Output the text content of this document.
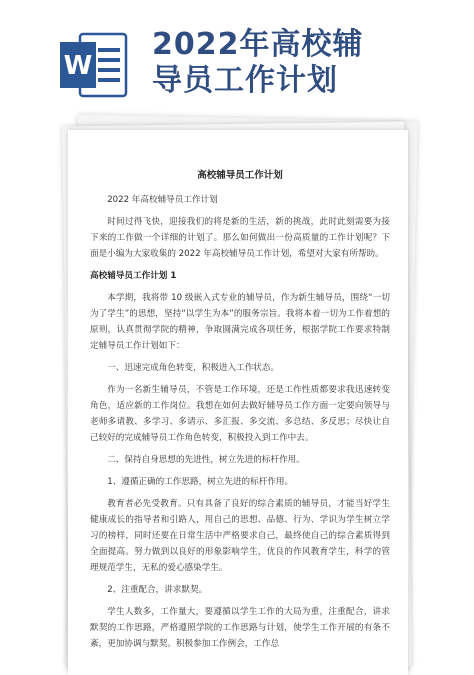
W
2022年高校辅
导员工作计划
高校辅导员工作计划

2022 年高校辅导员工作计划

时间过得飞快，迎接我们的将是新的生活，新的挑战，此时此刻需要为接下来的工作做一个详细的计划了。那么如何做出一份高质量的工作计划呢？下面是小编为大家收集的 2022 年高校辅导员工作计划，希望对大家有所帮助。

高校辅导员工作计划 1

本学期，我将带 10 级嵌入式专业的辅导员，作为新生辅导员，围绕“一切为了学生”的思想，坚持“以学生为本”的服务宗旨。我将本着一切为工作着想的原则，认真贯彻学院的精神，争取圆满完成各项任务，根据学院工作要求特制定辅导员工作计划如下：

一、迅速完成角色转变，积极进入工作状态。

作为一名新生辅导员，不管是工作环境，还是工作性质都要求我迅速转变角色，适应新的工作岗位。我想在如何去做好辅导员工作方面一定要向领导与老师多请教、多学习、多请示、多汇报、多交流、多总结、多反思；尽快让自己较好的完成辅导员工作角色转变，积极投入到工作中去。

二、保持自身思想的先进性，树立先进的标杆作用。

1、遵循正确的工作思路，树立先进的标杆作用。

教育者必先受教育。只有具备了良好的综合素质的辅导员，才能当好学生健康成长的指导者和引路人，用自己的思想、品德、行为、学识为学生树立学习的榜样，同时还要在日常生活中严格要求自己，最终使自己的综合素质得到全面提高。努力做到以良好的形象影响学生，优良的作风教育学生，科学的管理规范学生，无私的爱心感染学生。

2、注重配合，讲求默契。

学生人数多，工作量大，要遵循以学生工作的大局为重，注重配合，讲求默契的工作思路，严格遵照学院的工作思路与计划，使学生工作开展的有条不紊，更加协调与默契。积极参加工作例会，工作总
